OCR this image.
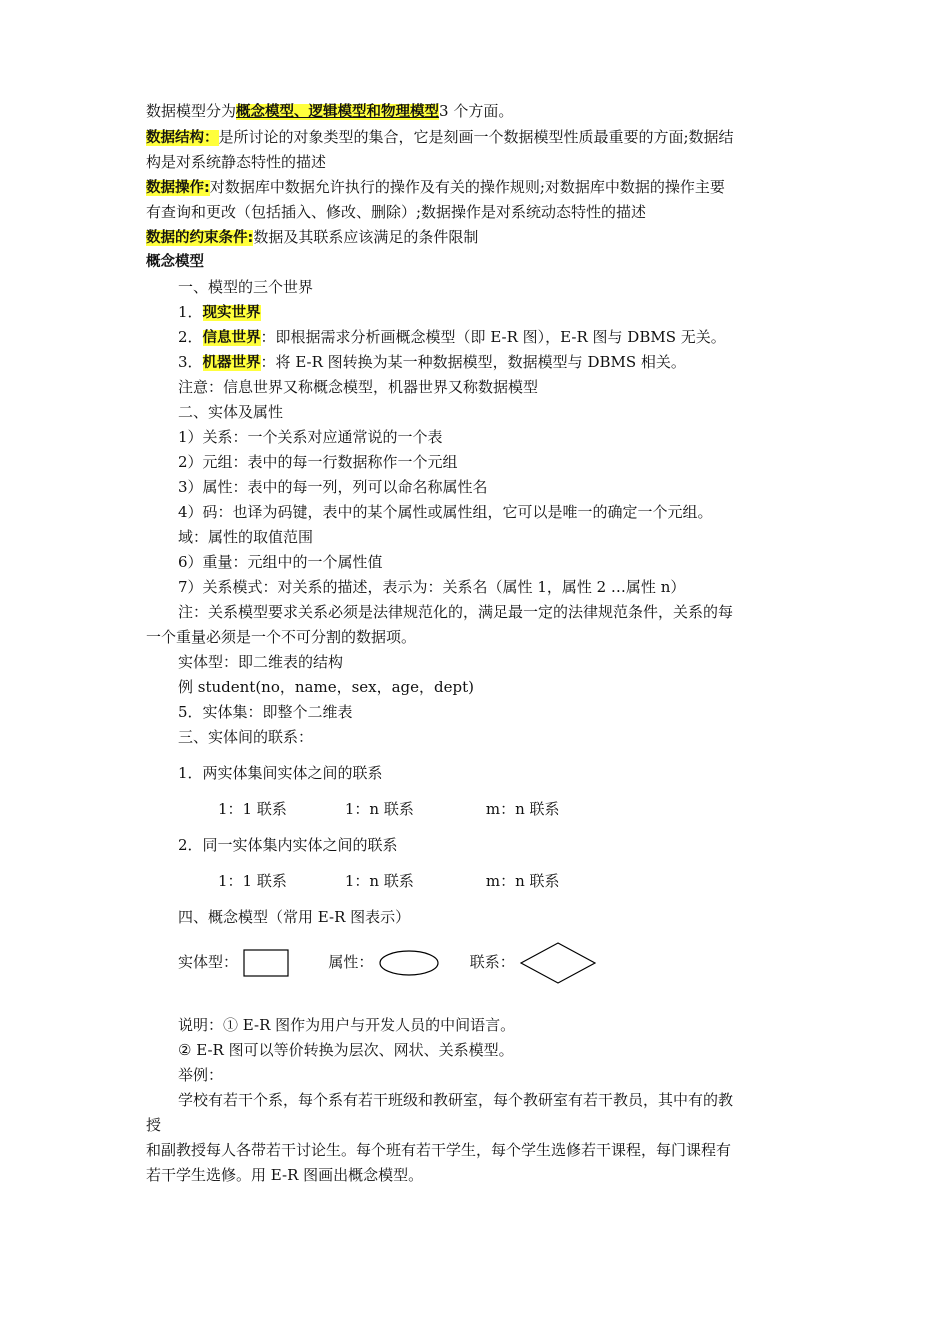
数据模型分为概念模型、逻辑模型和物理模型3 个方面。

数据结构：是所讨论的对象类型的集合，它是刻画一个数据模型性质最重要的方面;数据结

构是对系统静态特性的描述

数据操作:对数据库中数据允许执行的操作及有关的操作规则;对数据库中数据的操作主要

有查询和更改（包括插入、修改、删除）;数据操作是对系统动态特性的描述

数据的约束条件:数据及其联系应该满足的条件限制

概念模型

一、模型的三个世界

1．现实世界

2．信息世界：即根据需求分析画概念模型（即 E-R 图），E-R 图与 DBMS 无关。

3．机器世界：将 E-R 图转换为某一种数据模型，数据模型与 DBMS 相关。

注意：信息世界又称概念模型，机器世界又称数据模型

二、实体及属性

1）关系：一个关系对应通常说的一个表

2）元组：表中的每一行数据称作一个元组

3）属性：表中的每一列，列可以命名称属性名

4）码：也译为码键，表中的某个属性或属性组，它可以是唯一的确定一个元组。

域：属性的取值范围

6）重量：元组中的一个属性值

7）关系模式：对关系的描述，表示为：关系名（属性 1，属性 2 …属性 n）

注：关系模型要求关系必须是法律规范化的，满足最一定的法律规范条件，关系的每

一个重量必须是一个不可分割的数据项。

实体型：即二维表的结构

例 student(no，name，sex，age，dept)

5．实体集：即整个二维表

三、实体间的联系：

1．两实体集间实体之间的联系

1：1 联系	1：n 联系	m：n 联系

2．同一实体集内实体之间的联系

1：1 联系	1：n 联系	m：n 联系

四、概念模型（常用 E-R 图表示）

实体型：	属性：	联系：

说明：① E-R 图作为用户与开发人员的中间语言。

② E-R 图可以等价转换为层次、网状、关系模型。

举例：

学校有若干个系，每个系有若干班级和教研室，每个教研室有若干教员，其中有的教

授

和副教授每人各带若干讨论生。每个班有若干学生，每个学生选修若干课程，每门课程有

若干学生选修。用 E-R 图画出概念模型。
